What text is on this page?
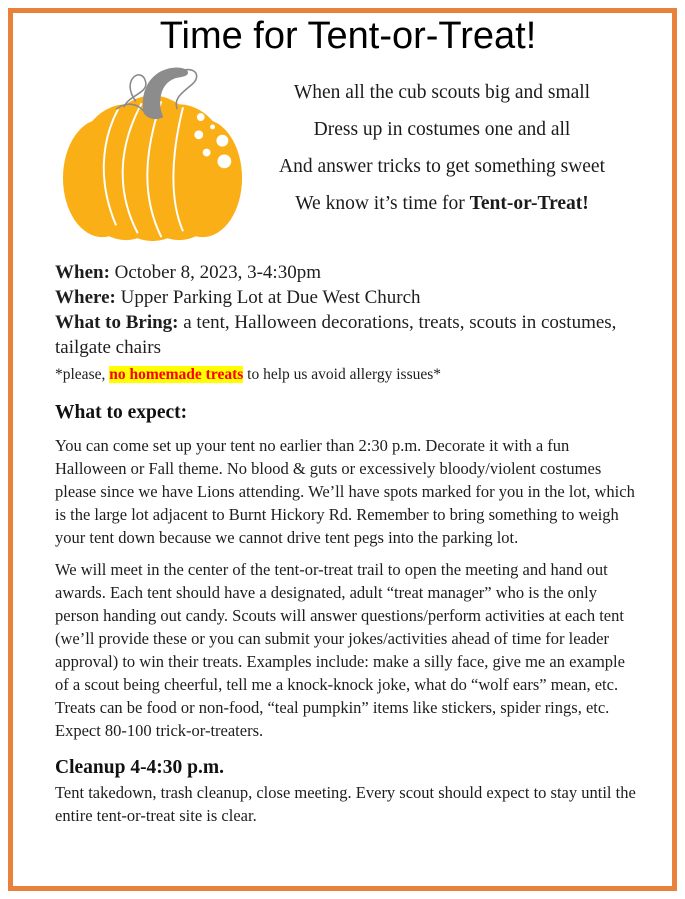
Time for Tent-or-Treat!
When all the cub scouts big and small
Dress up in costumes one and all
And answer tricks to get something sweet
We know it’s time for Tent-or-Treat!
When: October 8, 2023, 3-4:30pm
Where: Upper Parking Lot at Due West Church
What to Bring: a tent, Halloween decorations, treats, scouts in costumes, tailgate chairs
*please, no homemade treats to help us avoid allergy issues*
What to expect:

You can come set up your tent no earlier than 2:30 p.m. Decorate it with a fun Halloween or Fall theme. No blood & guts or excessively bloody/violent costumes please since we have Lions attending. We’ll have spots marked for you in the lot, which is the large lot adjacent to Burnt Hickory Rd. Remember to bring something to weigh your tent down because we cannot drive tent pegs into the parking lot.

We will meet in the center of the tent-or-treat trail to open the meeting and hand out awards. Each tent should have a designated, adult “treat manager” who is the only person handing out candy. Scouts will answer questions/perform activities at each tent (we’ll provide these or you can submit your jokes/activities ahead of time for leader approval) to win their treats. Examples include: make a silly face, give me an example of a scout being cheerful, tell me a knock-knock joke, what do “wolf ears” mean, etc. Treats can be food or non-food, “teal pumpkin” items like stickers, spider rings, etc. Expect 80-100 trick-or-treaters.

Cleanup 4-4:30 p.m.

Tent takedown, trash cleanup, close meeting. Every scout should expect to stay until the entire tent-or-treat site is clear.
